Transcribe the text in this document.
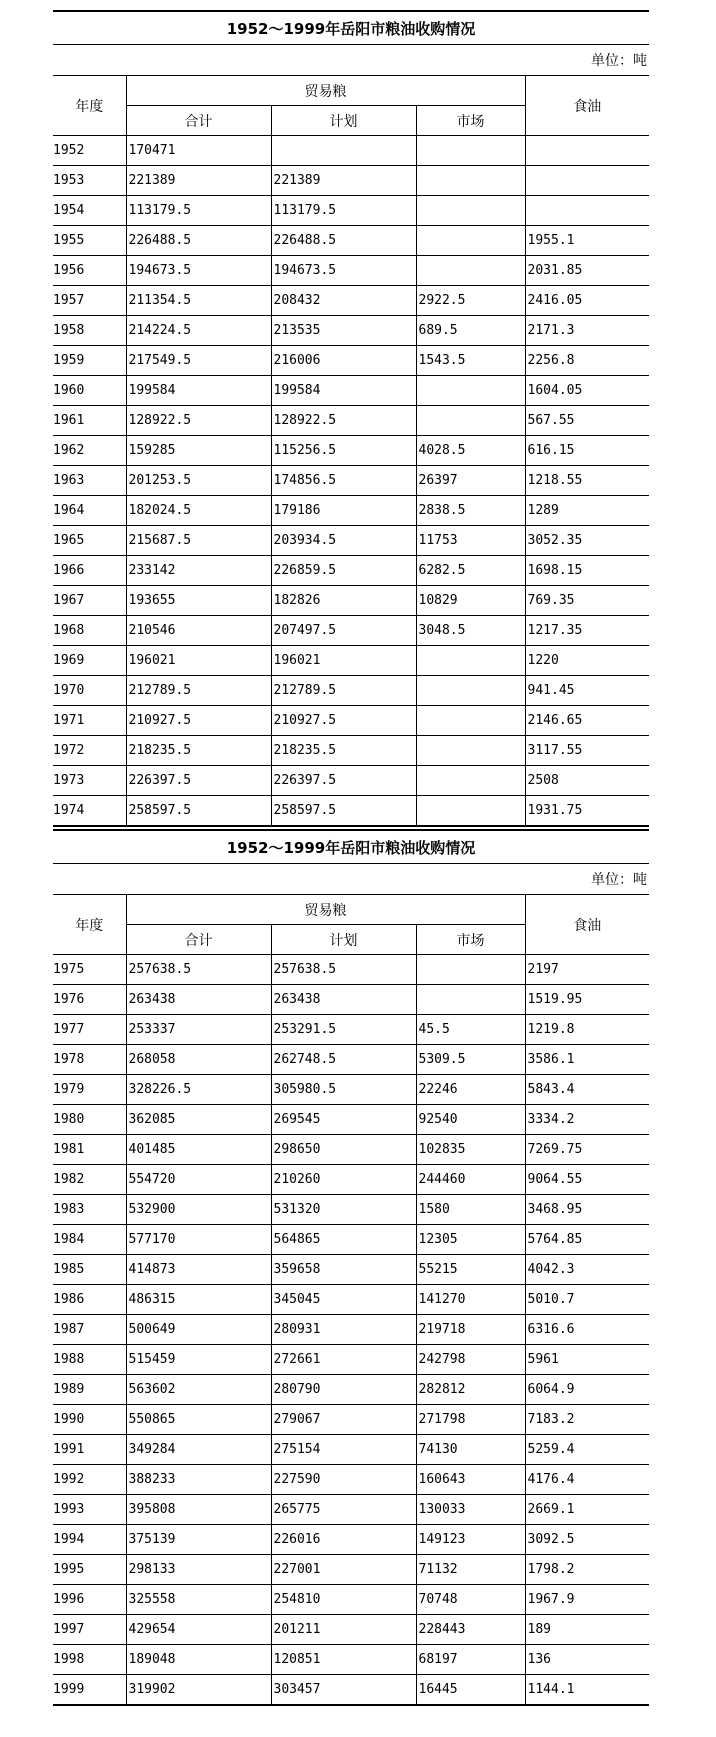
1952～1999年岳阳市粮油收购情况
单位：吨
年度	贸易粮			食油
	合计	计划	市场	
1952	170471			
1953	221389	221389		
1954	113179.5	113179.5		
1955	226488.5	226488.5		1955.1
1956	194673.5	194673.5		2031.85
1957	211354.5	208432	2922.5	2416.05
1958	214224.5	213535	689.5	2171.3
1959	217549.5	216006	1543.5	2256.8
1960	199584	199584		1604.05
1961	128922.5	128922.5		567.55
1962	159285	115256.5	4028.5	616.15
1963	201253.5	174856.5	26397	1218.55
1964	182024.5	179186	2838.5	1289
1965	215687.5	203934.5	11753	3052.35
1966	233142	226859.5	6282.5	1698.15
1967	193655	182826	10829	769.35
1968	210546	207497.5	3048.5	1217.35
1969	196021	196021		1220
1970	212789.5	212789.5		941.45
1971	210927.5	210927.5		2146.65
1972	218235.5	218235.5		3117.55
1973	226397.5	226397.5		2508
1974	258597.5	258597.5		1931.75
1952～1999年岳阳市粮油收购情况
单位：吨
年度	贸易粮			食油
	合计	计划	市场	
1975	257638.5	257638.5		2197
1976	263438	263438		1519.95
1977	253337	253291.5	45.5	1219.8
1978	268058	262748.5	5309.5	3586.1
1979	328226.5	305980.5	22246	5843.4
1980	362085	269545	92540	3334.2
1981	401485	298650	102835	7269.75
1982	554720	210260	244460	9064.55
1983	532900	531320	1580	3468.95
1984	577170	564865	12305	5764.85
1985	414873	359658	55215	4042.3
1986	486315	345045	141270	5010.7
1987	500649	280931	219718	6316.6
1988	515459	272661	242798	5961
1989	563602	280790	282812	6064.9
1990	550865	279067	271798	7183.2
1991	349284	275154	74130	5259.4
1992	388233	227590	160643	4176.4
1993	395808	265775	130033	2669.1
1994	375139	226016	149123	3092.5
1995	298133	227001	71132	1798.2
1996	325558	254810	70748	1967.9
1997	429654	201211	228443	189
1998	189048	120851	68197	136
1999	319902	303457	16445	1144.1
